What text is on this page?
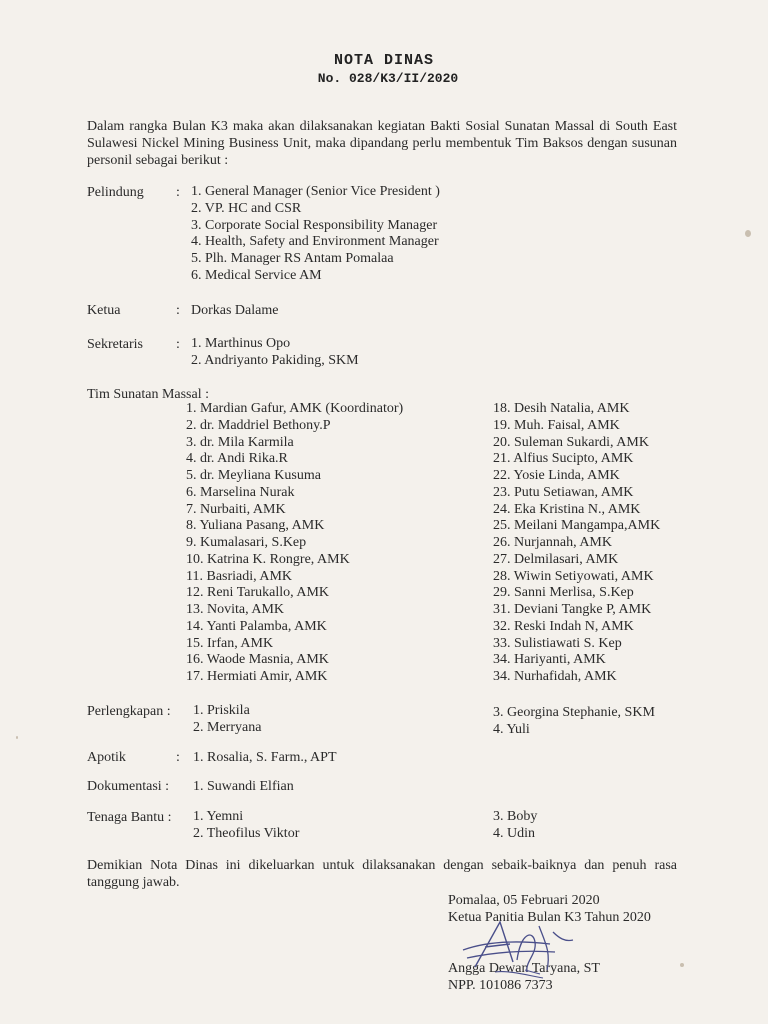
NOTA DINAS
No. 028/K3/II/2020
Dalam rangka Bulan K3 maka akan dilaksanakan kegiatan Bakti Sosial Sunatan Massal di South East Sulawesi Nickel Mining Business Unit, maka dipandang perlu membentuk Tim Baksos dengan susunan personil sebagai berikut :
Pelindung : 1. General Manager (Senior Vice President )
2. VP. HC and CSR
3. Corporate Social Responsibility Manager
4. Health, Safety and Environment Manager
5. Plh. Manager RS Antam Pomalaa
6. Medical Service AM
Ketua	: Dorkas Dalame
Sekretaris : 1. Marthinus Opo
2. Andriyanto Pakiding, SKM
Tim Sunatan Massal :
1. Mardian Gafur, AMK (Koordinator)
2. dr. Maddriel Bethony.P
3. dr. Mila Karmila
4. dr. Andi Rika.R
5. dr. Meyliana Kusuma
6. Marselina Nurak
7. Nurbaiti, AMK
8. Yuliana Pasang, AMK
9. Kumalasari, S.Kep
10. Katrina K. Rongre, AMK
11. Basriadi, AMK
12. Reni Tarukallo, AMK
13. Novita, AMK
14. Yanti Palamba, AMK
15. Irfan, AMK
16. Waode Masnia, AMK
17. Hermiati Amir, AMK
18. Desih Natalia, AMK
19. Muh. Faisal, AMK
20. Suleman Sukardi, AMK
21. Alfius Sucipto, AMK
22. Yosie Linda, AMK
23. Putu Setiawan, AMK
24. Eka Kristina N., AMK
25. Meilani Mangampa,AMK
26. Nurjannah, AMK
27. Delmilasari, AMK
28. Wiwin Setiyowati, AMK
29. Sanni Merlisa, S.Kep
31. Deviani Tangke P, AMK
32. Reski Indah N, AMK
33. Sulistiawati S. Kep
34. Hariyanti, AMK
34. Nurhafidah, AMK
Perlengkapan : 1. Priskila
2. Merryana
3. Georgina Stephanie, SKM
4. Yuli
Apotik	: 1. Rosalia, S. Farm., APT
Dokumentasi : 1. Suwandi Elfian
Tenaga Bantu : 1. Yemni
2. Theofilus Viktor
3. Boby
4. Udin
Demikian Nota Dinas ini dikeluarkan untuk dilaksanakan dengan sebaik-baiknya dan penuh rasa tanggung jawab.
Pomalaa, 05 Februari 2020
Ketua Panitia Bulan K3 Tahun 2020
Angga Dewan Taryana, ST
NPP. 101086 7373
